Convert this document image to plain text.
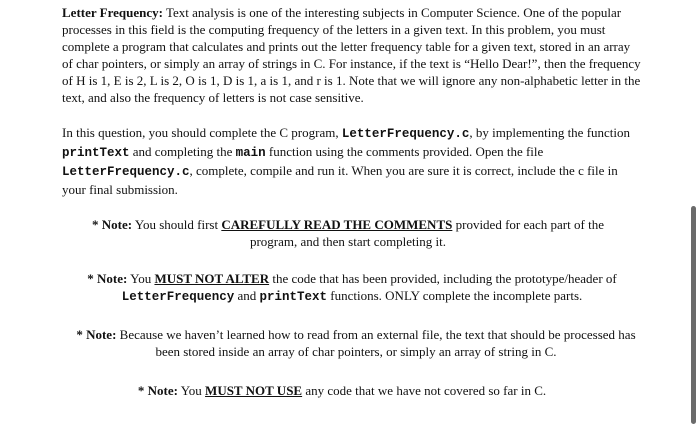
Letter Frequency: Text analysis is one of the interesting subjects in Computer Science. One of the popular processes in this field is the computing frequency of the letters in a given text. In this problem, you must complete a program that calculates and prints out the letter frequency table for a given text, stored in an array of char pointers, or simply an array of strings in C. For instance, if the text is “Hello Dear!”, then the frequency of H is 1, E is 2, L is 2, O is 1, D is 1, a is 1, and r is 1. Note that we will ignore any non-alphabetic letter in the text, and also the frequency of letters is not case sensitive.

In this question, you should complete the C program, LetterFrequency.c, by implementing the function printText and completing the main function using the comments provided. Open the file LetterFrequency.c, complete, compile and run it. When you are sure it is correct, include the c file in your final submission.

* Note: You should first CAREFULLY READ THE COMMENTS provided for each part of the program, and then start completing it.

* Note: You MUST NOT ALTER the code that has been provided, including the prototype/header of LetterFrequency and printText functions. ONLY complete the incomplete parts.

* Note: Because we haven’t learned how to read from an external file, the text that should be processed has been stored inside an array of char pointers, or simply an array of string in C.

* Note: You MUST NOT USE any code that we have not covered so far in C.
